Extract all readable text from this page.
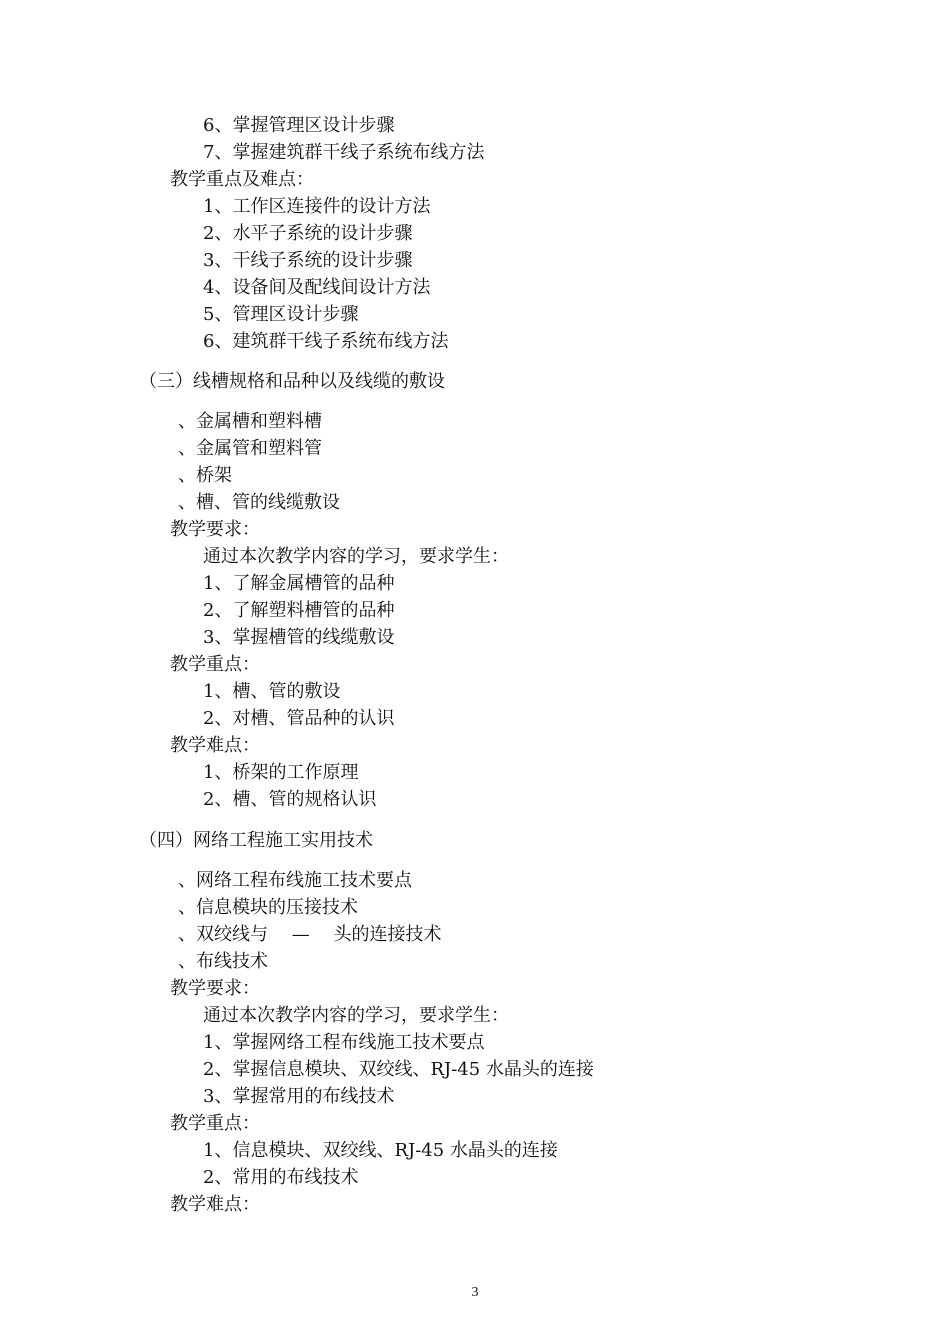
6、掌握管理区设计步骤
7、掌握建筑群干线子系统布线方法
教学重点及难点：
1、工作区连接件的设计方法
2、水平子系统的设计步骤
3、干线子系统的设计步骤
4、设备间及配线间设计方法
5、管理区设计步骤
6、建筑群干线子系统布线方法
（三）线槽规格和品种以及线缆的敷设
、金属槽和塑料槽
、金属管和塑料管
、桥架
、槽、管的线缆敷设
教学要求：
通过本次教学内容的学习，要求学生：
1、了解金属槽管的品种
2、了解塑料槽管的品种
3、掌握槽管的线缆敷设
教学重点：
1、槽、管的敷设
2、对槽、管品种的认识
教学难点：
1、桥架的工作原理
2、槽、管的规格认识
（四）网络工程施工实用技术
、网络工程布线施工技术要点
、信息模块的压接技术
、双绞线与　 —　 头的连接技术
、布线技术
教学要求：
通过本次教学内容的学习，要求学生：
1、掌握网络工程布线施工技术要点
2、掌握信息模块、双绞线、RJ-45 水晶头的连接
3、掌握常用的布线技术
教学重点：
1、信息模块、双绞线、RJ-45 水晶头的连接
2、常用的布线技术
教学难点：
3
